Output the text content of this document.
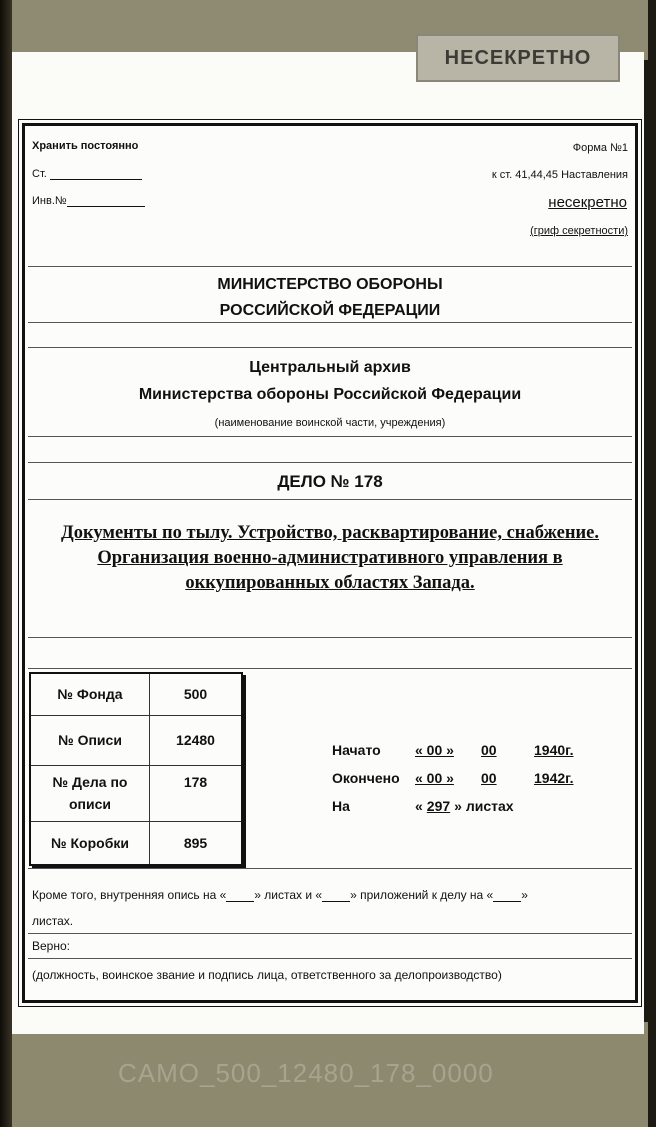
НЕСЕКРЕТНО
Хранить постоянно
Ст.
Инв.№
Форма №1
к ст. 41,44,45 Наставления
несекретно
(гриф секретности)
МИНИСТЕРСТВО ОБОРОНЫ
РОССИЙСКОЙ ФЕДЕРАЦИИ
Центральный архив
Министерства обороны Российской Федерации
(наименование воинской части, учреждения)
ДЕЛО № 178
Документы по тылу. Устройство, расквартирование, снабжение. Организация военно-административного управления в оккупированных областях Запада.
№ Фонда	500
№ Описи	12480
№ Дела по описи	178
№ Коробки	895
Начато « 00 » 00	1940г.
Окончено « 00 » 00	1942г.
На	« 297 » листах
Кроме того, внутренняя опись на « » листах и « » приложений к делу на « »
листах.
Верно:
(должность, воинское звание и подпись лица, ответственного за делопроизводство)
CAMO_500_12480_178_0000
